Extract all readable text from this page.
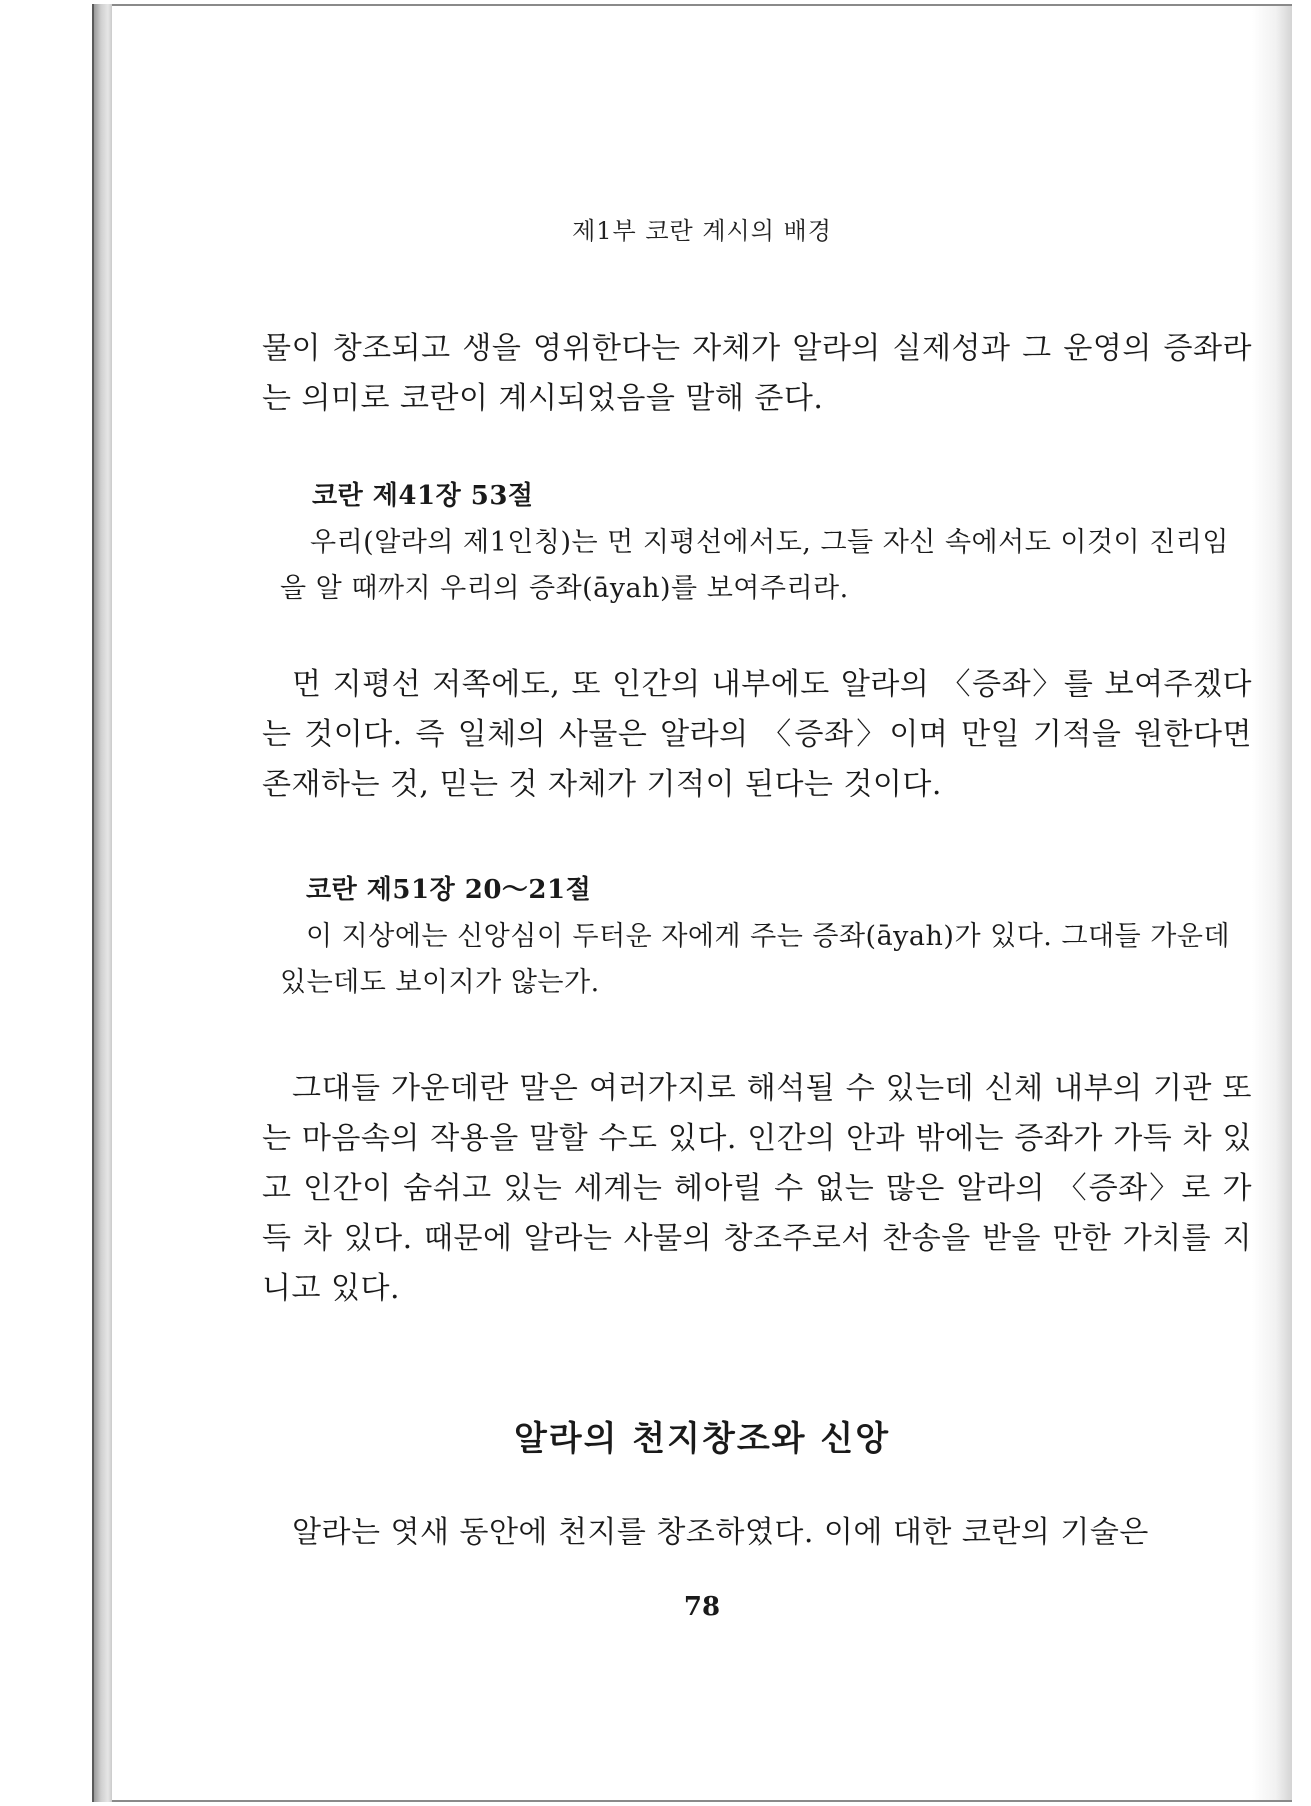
제1부 코란 계시의 배경
물이 창조되고 생을 영위한다는 자체가 알라의 실제성과 그 운영의 증좌라는 의미로 코란이 계시되었음을 말해 준다.
코란 제41장 53절
우리(알라의 제1인칭)는 먼 지평선에서도, 그들 자신 속에서도 이것이 진리임을 알 때까지 우리의 증좌(āyah)를 보여주리라.
먼 지평선 저쪽에도, 또 인간의 내부에도 알라의 〈증좌〉를 보여주겠다는 것이다. 즉 일체의 사물은 알라의 〈증좌〉이며 만일 기적을 원한다면 존재하는 것, 믿는 것 자체가 기적이 된다는 것이다.
코란 제51장 20～21절
이 지상에는 신앙심이 두터운 자에게 주는 증좌(āyah)가 있다. 그대들 가운데 있는데도 보이지가 않는가.
그대들 가운데란 말은 여러가지로 해석될 수 있는데 신체 내부의 기관 또는 마음속의 작용을 말할 수도 있다. 인간의 안과 밖에는 증좌가 가득 차 있고 인간이 숨쉬고 있는 세계는 헤아릴 수 없는 많은 알라의 〈증좌〉로 가득 차 있다. 때문에 알라는 사물의 창조주로서 찬송을 받을 만한 가치를 지니고 있다.
알라의 천지창조와 신앙
알라는 엿새 동안에 천지를 창조하였다. 이에 대한 코란의 기술은
78
